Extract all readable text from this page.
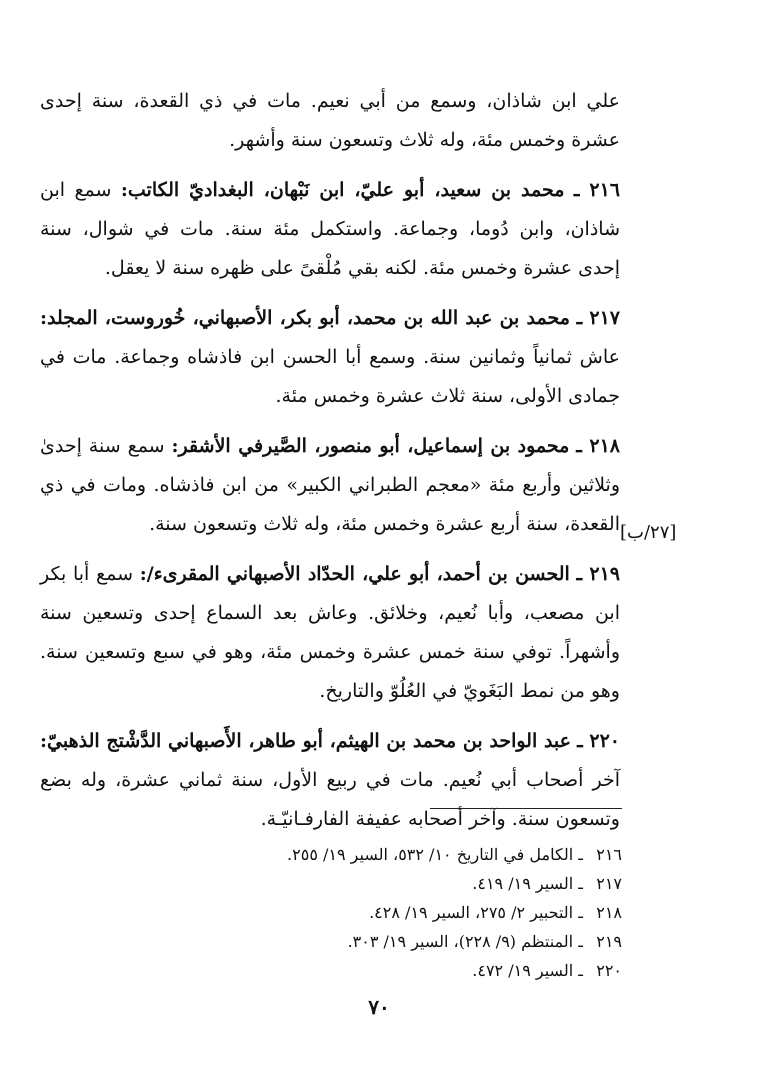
علي ابن شاذان، وسمع من أبي نعيم. مات في ذي القعدة، سنة إحدى عشرة وخمس مئة، وله ثلاث وتسعون سنة وأشهر.

٢١٦ ـ محمد بن سعيد، أبو عليّ، ابن نَبْهان، البغداديّ الكاتب: سمع ابن شاذان، وابن دُوما، وجماعة. واستكمل مئة سنة. مات في شوال، سنة إحدى عشرة وخمس مئة. لكنه بقي مُلْقىً على ظهره سنة لا يعقل.

٢١٧ ـ محمد بن عبد الله بن محمد، أبو بكر، الأصبهاني، خُوروست، المجلد: عاش ثمانياً وثمانين سنة. وسمع أبا الحسن ابن فاذشاه وجماعة. مات في جمادى الأولى، سنة ثلاث عشرة وخمس مئة.

٢١٨ ـ محمود بن إسماعيل، أبو منصور، الصَّيرفي الأشقر: سمع سنة إحدىٰ وثلاثين وأربع مئة «معجم الطبراني الكبير» من ابن فاذشاه. ومات في ذي القعدة، سنة أربع عشرة وخمس مئة، وله ثلاث وتسعون سنة.

٢١٩ ـ الحسن بن أحمد، أبو علي، الحدّاد الأصبهاني المقرىء/: سمع أبا بكر ابن مصعب، وأبا نُعيم، وخلائق. وعاش بعد السماع إحدى وتسعين سنة وأشهراً. توفي سنة خمس عشرة وخمس مئة، وهو في سبع وتسعين سنة. وهو من نمط البَغَويّ في العُلُوّ والتاريخ.

٢٢٠ ـ عبد الواحد بن محمد بن الهيثم، أبو طاهر، الأَصبهاني الدَّشْتج الذهبيّ: آخر أصحاب أبي نُعيم. مات في ربيع الأول، سنة ثماني عشرة، وله بضع وتسعون سنة. وآخر أصحابه عفيفة الفارفـانيّـة.

[٢٧/ب]
٢١٦ ـ الكامل في التاريخ ١٠/ ٥٣٢، السير ١٩/ ٢٥٥.
٢١٧ ـ السير ١٩/ ٤١٩.
٢١٨ ـ التحبير ٢/ ٢٧٥، السير ١٩/ ٤٢٨.
٢١٩ ـ المنتظم (٩/ ٢٢٨)، السير ١٩/ ٣٠٣.
٢٢٠ ـ السير ١٩/ ٤٧٢.
٧٠
